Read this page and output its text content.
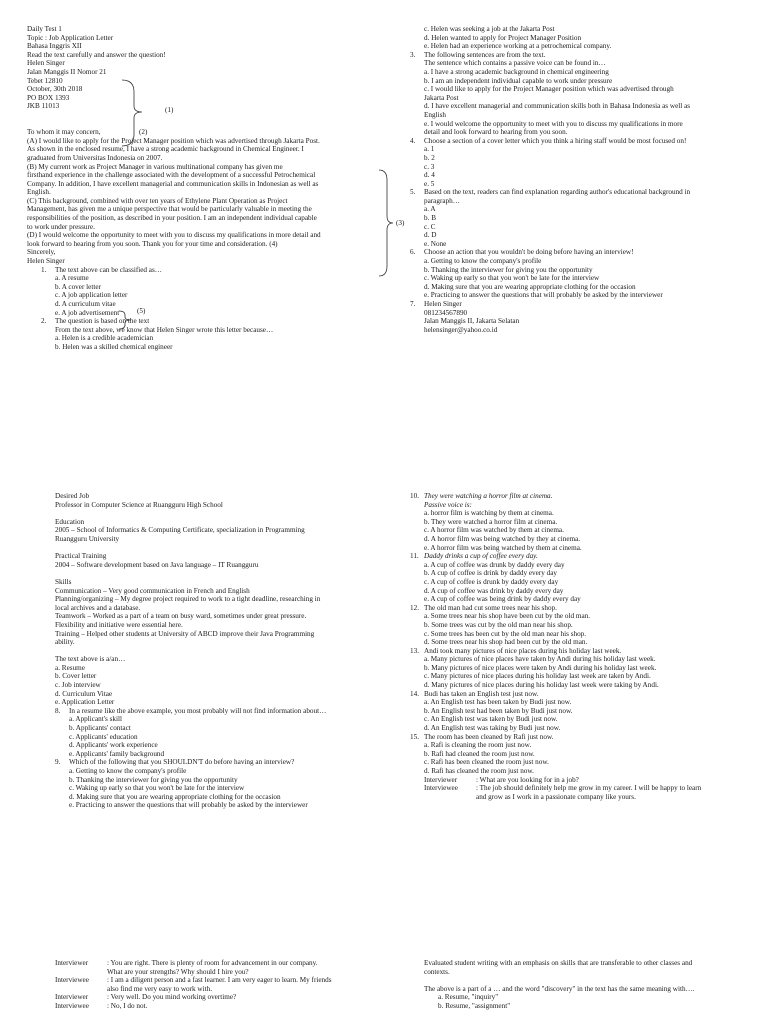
Daily Test 1
Topic : Job Application Letter
Bahasa Inggris XII
Read the text carefully and answer the question!
Helen Singer
Jalan Manggis II Nomor 21
Tebet 12810
October, 30th 2018
PO BOX 1393
JKB 11013
To whom it may concern,	(2)
(A) I would like to apply for the Project Manager position which was advertised through Jakarta Post.
As shown in the enclosed resume, I have a strong academic background in Chemical Engineer. I
graduated from Universitas Indonesia on 2007.
(B) My current work as Project Manager in various multinational company has given me
firsthand experience in the challenge associated with the development of a successful Petrochemical
Company. In addition, I have excellent managerial and communication skills in Indonesian as well as
English.
(C) This background, combined with over ten years of Ethylene Plant Operation as Project
Management, has given me a unique perspective that would be particularly valuable in meeting the
responsibilities of the position, as described in your position. I am an independent individual capable
to work under pressure.
(D) I would welcome the opportunity to meet with you to discuss my qualifications in more detail and
look forward to hearing from you soon. Thank you for your time and consideration. (4)
Sincerely,
Helen Singer
1. The text above can be classified as…
a. A resume
b. A cover letter
c. A job application letter
d. A curriculum vitae
e. A job advertisement
2. The question is based on the text
From the text above, we know that Helen Singer wrote this letter because…
a. Helen is a credible academician
b. Helen was a skilled chemical engineer
(1)
(3)
(5)
c. Helen was seeking a job at the Jakarta Post
d. Helen wanted to apply for Project Manager Position
e. Helen had an experience working at a petrochemical company.
3. The following sentences are from the text.
The sentence which contains a passive voice can be found in…
a. I have a strong academic background in chemical engineering
b. I am an independent individual capable to work under pressure
c. I would like to apply for the Project Manager position which was advertised through
Jakarta Post
d. I have excellent managerial and communication skills both in Bahasa Indonesia as well as
English
e. I would welcome the opportunity to meet with you to discuss my qualifications in more
detail and look forward to hearing from you soon.
4. Choose a section of a cover letter which you think a hiring staff would be most focused on!
a. 1
b. 2
c. 3
d. 4
e. 5
5. Based on the text, readers can find explanation regarding author's educational background in
paragraph…
a. A
b. B
c. C
d. D
e. None
6. Choose an action that you wouldn't be doing before having an interview!
a. Getting to know the company's profile
b. Thanking the interviewer for giving you the opportunity
c. Waking up early so that you won't be late for the interview
d. Making sure that you are wearing appropriate clothing for the occasion
e. Practicing to answer the questions that will probably be asked by the interviewer
7. Helen Singer
081234567890
Jalan Manggis II, Jakarta Selatan
helensinger@yahoo.co.id
Desired Job
Professor in Computer Science at Ruangguru High School

Education
2005 – School of Informatics & Computing Certificate, specialization in Programming
Ruangguru University

Practical Training
2004 – Software development based on Java language – IT Ruangguru

Skills
Communication – Very good communication in French and English
Planning/organizing – My degree project required to work to a tight deadline, researching in
local archives and a database.
Teamwork – Worked as a part of a team on busy ward, sometimes under great pressure.
Flexibility and initiative were essential here.
Training – Helped other students at University of ABCD improve their Java Programming
ability.

The text above is a/an…
a. Resume
b. Cover letter
c. Job interview
d. Curriculum Vitae
e. Application Letter
8. In a resume like the above example, you most probably will not find information about…
a. Applicant's skill
b. Applicants' contact
c. Applicants' education
d. Applicants' work experience
e. Applicants' family background
9. Which of the following that you SHOULDN'T do before having an interview?
a. Getting to know the company's profile
b. Thanking the interviewer for giving you the opportunity
c. Waking up early so that you won't be late for the interview
d. Making sure that you are wearing appropriate clothing for the occasion
e. Practicing to answer the questions that will probably be asked by the interviewer
10. They were watching a horror film at cinema.
Passive voice is:
a. horror film is watching by them at cinema.
b. They were watched a horror film at cinema.
c. A horror film was watched by them at cinema.
d. A horror film was being watched by they at cinema.
e. A horror film was being watched by them at cinema.
11. Daddy drinks a cup of coffee every day.
a. A cup of coffee was drunk by daddy every day
b. A cup of coffee is drink by daddy every day
c. A cup of coffee is drunk by daddy every day
d. A cup of coffee was drink by daddy every day
e. A cup of coffee was being drink by daddy every day
12. The old man had cut some trees near his shop.
a. Some trees near his shop have been cut by the old man.
b. Some trees was cut by the old man near his shop.
c. Some trees has been cut by the old man near his shop.
d. Some trees near his shop had been cut by the old man.
13. Andi took many pictures of nice places during his holiday last week.
a. Many pictures of nice places have taken by Andi during his holiday last week.
b. Many pictures of nice places were taken by Andi during his holiday last week.
c. Many pictures of nice places during his holiday last week are taken by Andi.
d. Many pictures of nice places during his holiday last week were taking by Andi.
14. Budi has taken an English test just now.
a. An English test has been taken by Budi just now.
b. An English test had been taken by Budi just now.
c. An English test was taken by Budi just now.
d. An English test was taking by Budi just now.
15. The room has been cleaned by Rafi just now.
a. Rafi is cleaning the room just now.
b. Rafi had cleaned the room just now.
c. Rafi has been cleaned the room just now.
d. Rafi has cleaned the room just now.
Interviewer	: What are you looking for in a job?
Interviewee	: The job should definitely help me grow in my career. I will be happy to learn
and grow as I work in a passionate company like yours.
Interviewer	: You are right. There is plenty of room for advancement in our company.
What are your strengths? Why should I hire you?
Interviewee	: I am a diligent person and a fast learner. I am very eager to learn. My friends
also find me very easy to work with.
Interviewer	: Very well. Do you mind working overtime?
Interviewee	: No, I do not.
Evaluated student writing with an emphasis on skills that are transferable to other classes and
contexts.

The above is a part of a … and the word "discovery" in the text has the same meaning with….
a. Resume, "inquiry"
b. Resume, "assignment"
